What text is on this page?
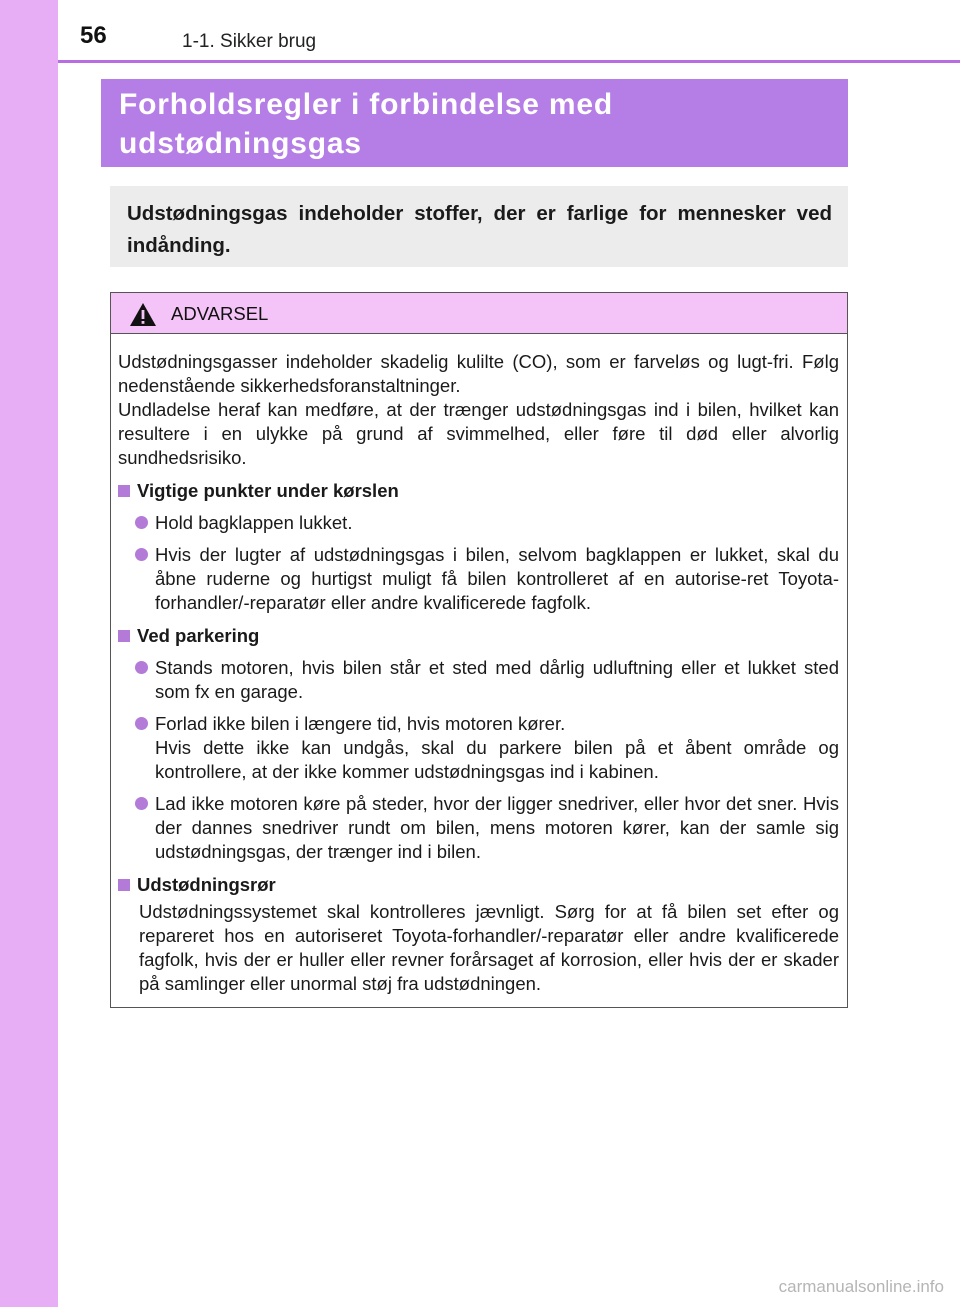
56	1-1. Sikker brug
Forholdsregler i forbindelse med
udstødningsgas
Udstødningsgas indeholder stoffer, der er farlige for mennesker ved indånding.
ADVARSEL
Udstødningsgasser indeholder skadelig kulilte (CO), som er farveløs og lugt-fri. Følg nedenstående sikkerhedsforanstaltninger.
Undladelse heraf kan medføre, at der trænger udstødningsgas ind i bilen, hvilket kan resultere i en ulykke på grund af svimmelhed, eller føre til død eller alvorlig sundhedsrisiko.
Vigtige punkter under kørslen
Hold bagklappen lukket.
Hvis der lugter af udstødningsgas i bilen, selvom bagklappen er lukket, skal du åbne ruderne og hurtigst muligt få bilen kontrolleret af en autorise-ret Toyota-forhandler/-reparatør eller andre kvalificerede fagfolk.
Ved parkering
Stands motoren, hvis bilen står et sted med dårlig udluftning eller et lukket sted som fx en garage.
Forlad ikke bilen i længere tid, hvis motoren kører.
Hvis dette ikke kan undgås, skal du parkere bilen på et åbent område og kontrollere, at der ikke kommer udstødningsgas ind i kabinen.
Lad ikke motoren køre på steder, hvor der ligger snedriver, eller hvor det sner. Hvis der dannes snedriver rundt om bilen, mens motoren kører, kan der samle sig udstødningsgas, der trænger ind i bilen.
Udstødningsrør
Udstødningssystemet skal kontrolleres jævnligt. Sørg for at få bilen set efter og repareret hos en autoriseret Toyota-forhandler/-reparatør eller andre kvalificerede fagfolk, hvis der er huller eller revner forårsaget af korrosion, eller hvis der er skader på samlinger eller unormal støj fra udstødningen.
carmanualsonline.info
